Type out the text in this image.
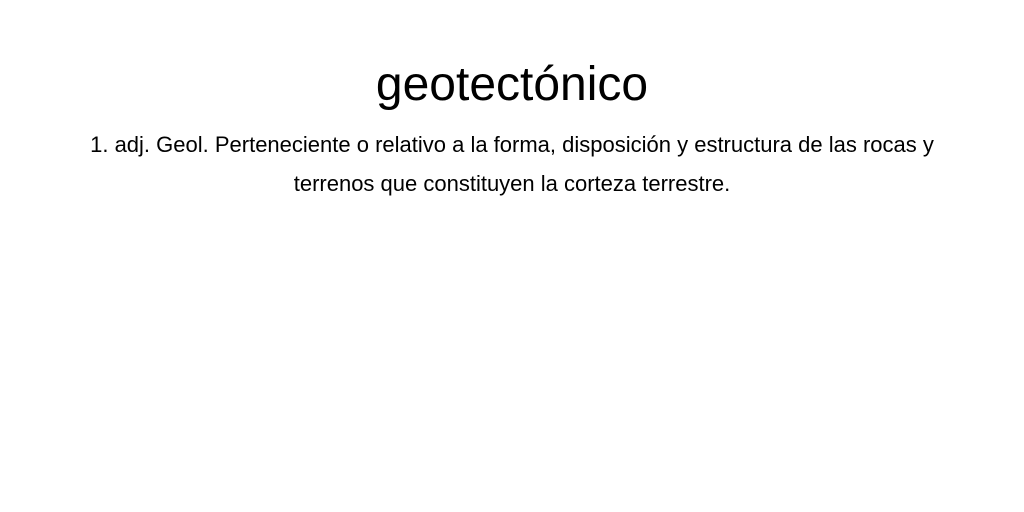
geotectónico

1. adj. Geol. Perteneciente o relativo a la forma, disposición y estructura de las rocas y terrenos que constituyen la corteza terrestre.
